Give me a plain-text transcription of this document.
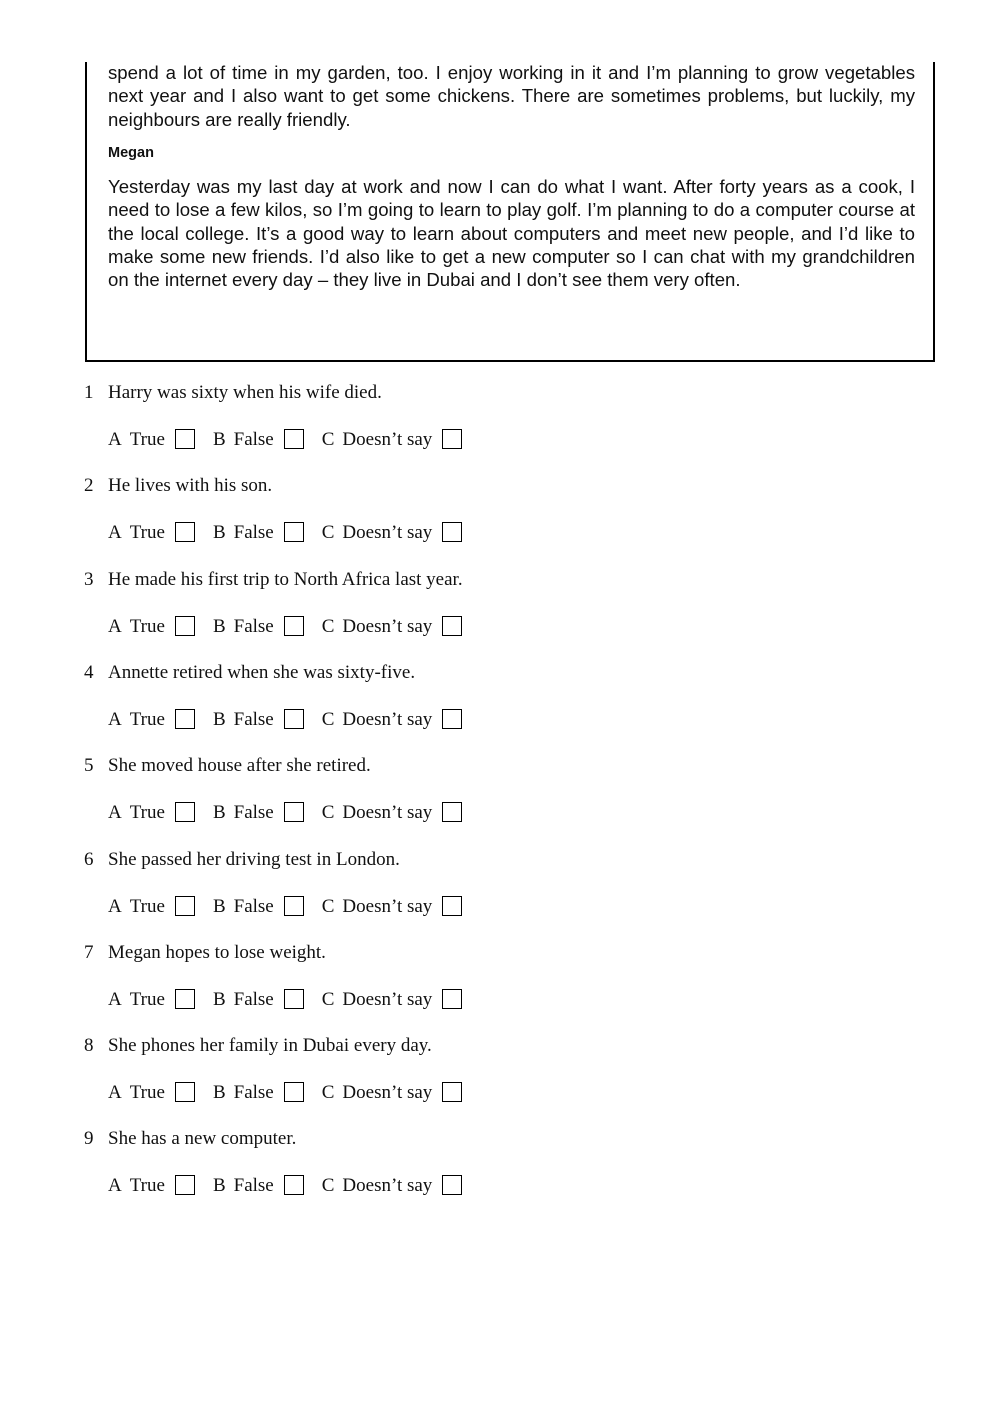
spend a lot of time in my garden, too. I enjoy working in it and I’m planning to grow vegetables next year and I also want to get some chickens. There are sometimes problems, but luckily, my neighbours are really friendly.

Megan

Yesterday was my last day at work and now I can do what I want. After forty years as a cook, I need to lose a few kilos, so I’m going to learn to play golf. I’m planning to do a computer course at the local college. It’s a good way to learn about computers and meet new people, and I’d like to make some new friends. I’d also like to get a new computer so I can chat with my grandchildren on the internet every day – they live in Dubai and I don’t see them very often.

1 Harry was sixty when his wife died.
A True	B False	C Doesn’t say
2 He lives with his son.
A True	B False	C Doesn’t say
3 He made his first trip to North Africa last year.
A True	B False	C Doesn’t say
4 Annette retired when she was sixty-five.
A True	B False	C Doesn’t say
5 She moved house after she retired.
A True	B False	C Doesn’t say
6 She passed her driving test in London.
A True	B False	C Doesn’t say
7 Megan hopes to lose weight.
A True	B False	C Doesn’t say
8 She phones her family in Dubai every day.
A True	B False	C Doesn’t say
9 She has a new computer.
A True	B False	C Doesn’t say
